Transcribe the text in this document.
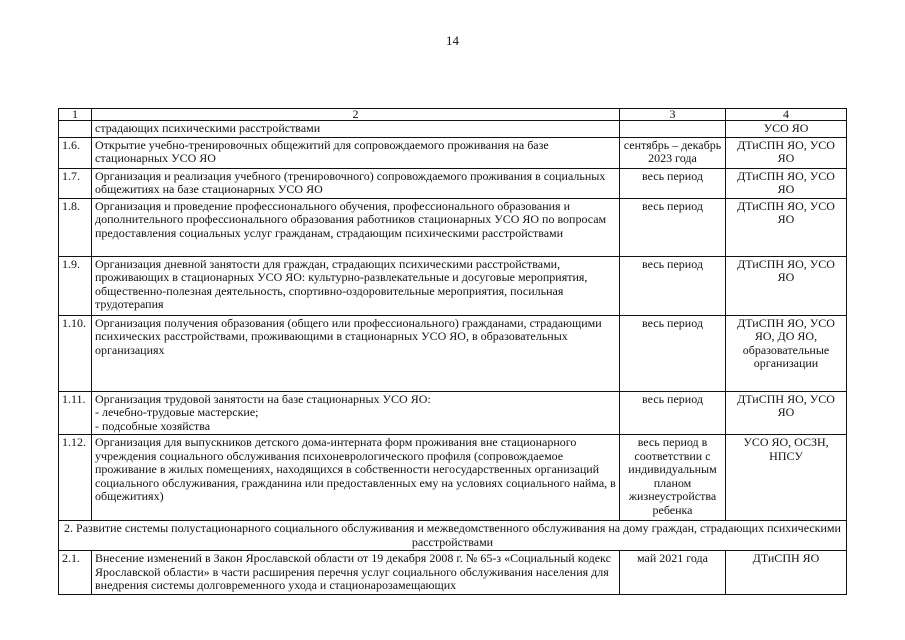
14
1	2	3	4
	страдающих психическими расстройствами		УСО ЯО
1.6.	Открытие учебно-тренировочных общежитий для сопровождаемого проживания на базе стационарных УСО ЯО	сентябрь – декабрь 2023 года	ДТиСПН ЯО, УСО ЯО
1.7.	Организация и реализация учебного (тренировочного) сопровождаемого проживания в социальных общежитиях на базе стационарных УСО ЯО	весь период	ДТиСПН ЯО, УСО ЯО
1.8.	Организация и проведение профессионального обучения, профессионального образования и дополнительного профессионального образования работников стационарных УСО ЯО по вопросам предоставления социальных услуг гражданам, страдающим психическими расстройствами	весь период	ДТиСПН ЯО, УСО ЯО
1.9.	Организация дневной занятости для граждан, страдающих психическими расстройствами, проживающих в стационарных УСО ЯО: культурно-развлекательные и досуговые мероприятия, общественно-полезная деятельность, спортивно-оздоровительные мероприятия, посильная трудотерапия	весь период	ДТиСПН ЯО, УСО ЯО
1.10.	Организация получения образования (общего или профессионального) гражданами, страдающими психических расстройствами, проживающими в стационарных УСО ЯО, в образовательных организациях	весь период	ДТиСПН ЯО, УСО ЯО, ДО ЯО, образовательные организации
1.11.	Организация трудовой занятости на базе стационарных УСО ЯО:
- лечебно-трудовые мастерские;
- подсобные хозяйства	весь период	ДТиСПН ЯО, УСО ЯО
1.12.	Организация для выпускников детского дома-интерната форм проживания вне стационарного учреждения социального обслуживания психоневрологического профиля (сопровождаемое проживание в жилых помещениях, находящихся в собственности негосударственных организаций социального обслуживания, гражданина или предоставленных ему на условиях социального найма, в общежитиях)	весь период в соответствии с индивидуальным планом жизнеустройства ребенка	УСО ЯО, ОСЗН, НПСУ
2. Развитие системы полустационарного социального обслуживания и межведомственного обслуживания на дому граждан, страдающих психическими расстройствами			
2.1.	Внесение изменений в Закон Ярославской области от 19 декабря 2008 г. № 65-з «Социальный кодекс Ярославской области» в части расширения перечня услуг социального обслуживания населения для внедрения системы долговременного ухода и стационарозамещающих	май 2021 года	ДТиСПН ЯО
